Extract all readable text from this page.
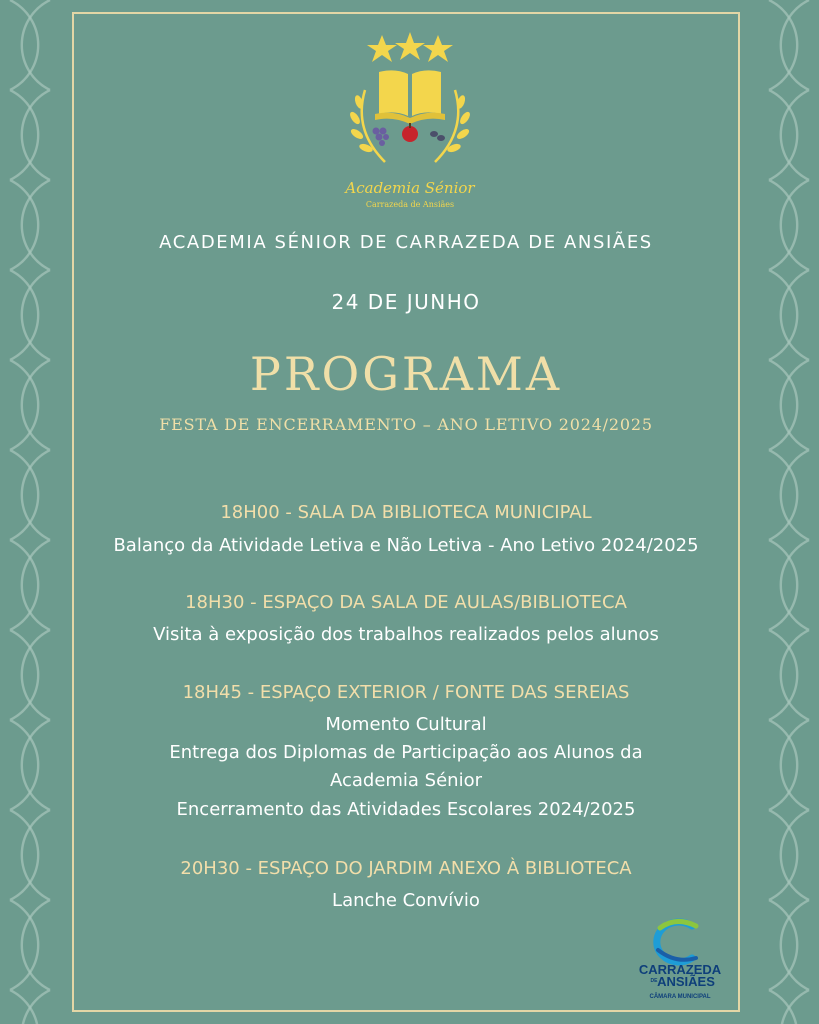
Academia Sénior
Carrazeda de Ansiães
ACADEMIA SÉNIOR DE CARRAZEDA DE ANSIÃES
24 DE JUNHO
PROGRAMA
FESTA DE ENCERRAMENTO – ANO LETIVO 2024/2025
18H00 - SALA DA BIBLIOTECA MUNICIPAL
Balanço da Atividade Letiva e Não Letiva - Ano Letivo 2024/2025
18H30 - ESPAÇO DA SALA DE AULAS/BIBLIOTECA
Visita à exposição dos trabalhos realizados pelos alunos
18H45 - ESPAÇO EXTERIOR / FONTE DAS SEREIAS
Momento Cultural
Entrega dos Diplomas de Participação aos Alunos da
Academia Sénior
Encerramento das Atividades Escolares 2024/2025
20H30 - ESPAÇO DO JARDIM ANEXO À BIBLIOTECA
Lanche Convívio
CARRAZEDA
DE ANSIÃES
CÂMARA MUNICIPAL
